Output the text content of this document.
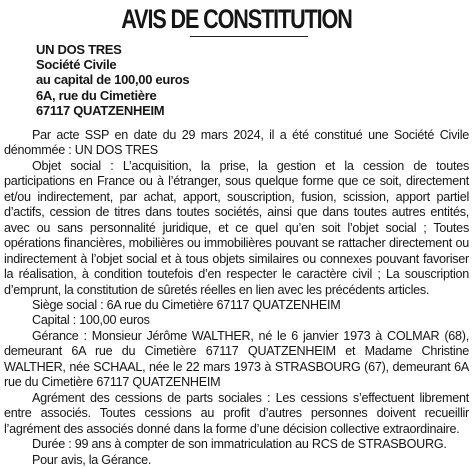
AVIS DE CONSTITUTION
UN DOS TRES
Société Civile
au capital de 100,00 euros
6A, rue du Cimetière
67117 QUATZENHEIM

Par acte SSP en date du 29 mars 2024, il a été constitué une Société Civile dénommée : UN DOS TRES

Objet social : L’acquisition, la prise, la gestion et la cession de toutes participations en France ou à l’étranger, sous quelque forme que ce soit, directement et/ou indirectement, par achat, apport, souscription, fusion, scission, apport partiel d’actifs, cession de titres dans toutes sociétés, ainsi que dans toutes autres entités, avec ou sans personnalité juridique, et ce quel qu’en soit l’objet social ; Toutes opérations financières, mobilières ou immobilières pouvant se rattacher directement ou indirectement à l’objet social et à tous objets similaires ou connexes pouvant favoriser la réalisation, à condition toutefois d’en respecter le caractère civil ; La souscription d’emprunt, la constitution de sûretés réelles en lien avec les précédents articles.

Siège social : 6A rue du Cimetière 67117 QUATZENHEIM

Capital : 100,00 euros

Gérance : Monsieur Jérôme WALTHER, né le 6 janvier 1973 à COLMAR (68), demeurant 6A rue du Cimetière 67117 QUATZENHEIM et Madame Christine WALTHER, née SCHAAL, née le 22 mars 1973 à STRASBOURG (67), demeurant 6A rue du Cimetière 67117 QUATZENHEIM

Agrément des cessions de parts sociales : Les cessions s’effectuent librement entre associés. Toutes cessions au profit d’autres personnes doivent recueillir l’agrément des associés donné dans la forme d’une décision collective extraordinaire.

Durée : 99 ans à compter de son immatriculation au RCS de STRASBOURG.

Pour avis, la Gérance.
